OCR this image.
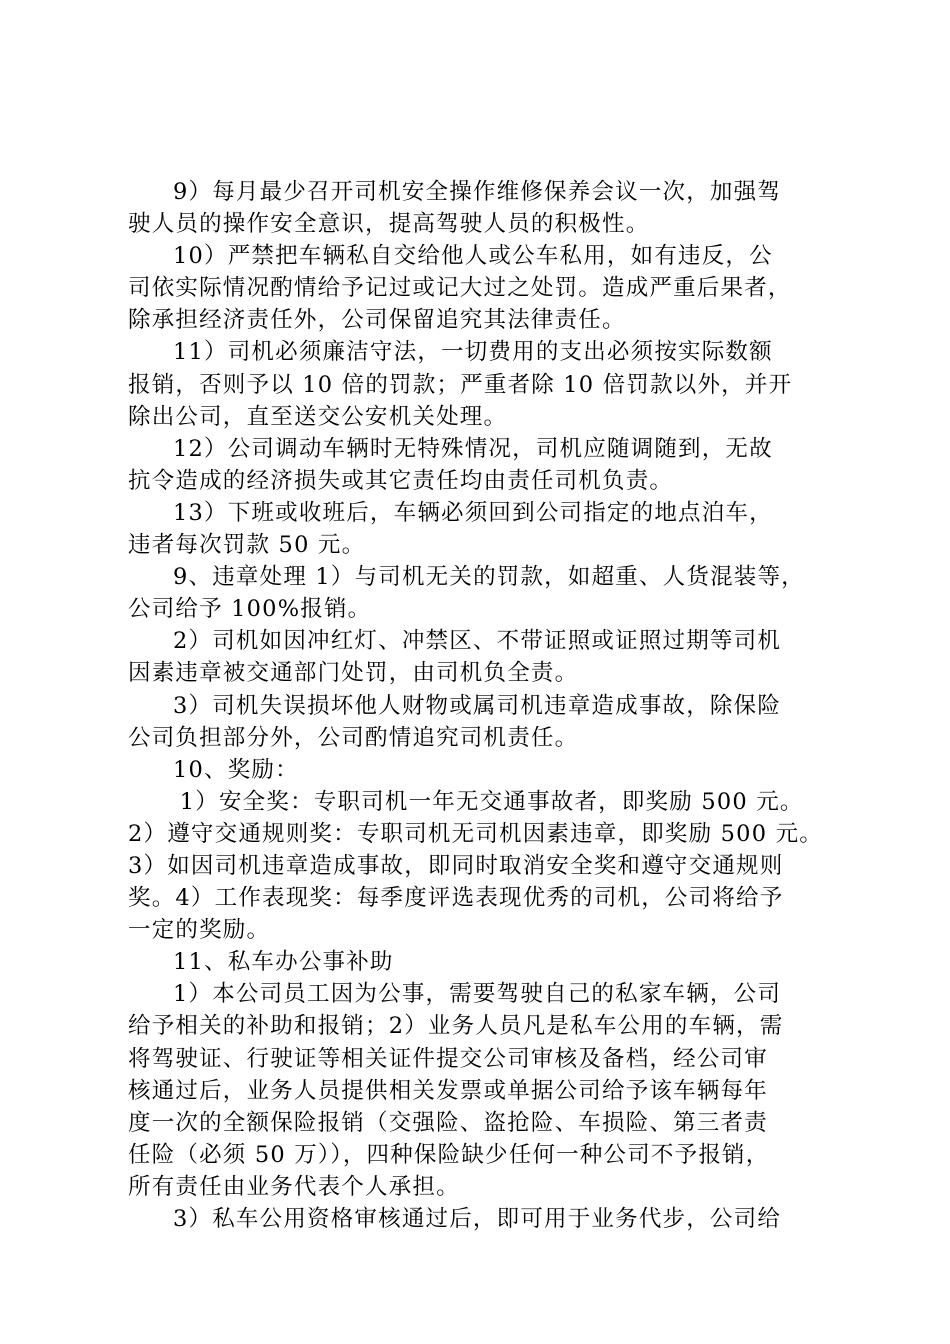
9）每月最少召开司机安全操作维修保养会议一次，加强驾
驶人员的操作安全意识，提高驾驶人员的积极性。
10）严禁把车辆私自交给他人或公车私用，如有违反，公
司依实际情况酌情给予记过或记大过之处罚。造成严重后果者，
除承担经济责任外，公司保留追究其法律责任。
11）司机必须廉洁守法，一切费用的支出必须按实际数额
报销，否则予以 10 倍的罚款；严重者除 10 倍罚款以外，并开
除出公司，直至送交公安机关处理。
12）公司调动车辆时无特殊情况，司机应随调随到，无故
抗令造成的经济损失或其它责任均由责任司机负责。
13）下班或收班后，车辆必须回到公司指定的地点泊车，
违者每次罚款 50 元。
9、违章处理 1）与司机无关的罚款，如超重、人货混装等，
公司给予 100%报销。
2）司机如因冲红灯、冲禁区、不带证照或证照过期等司机
因素违章被交通部门处罚，由司机负全责。
3）司机失误损坏他人财物或属司机违章造成事故，除保险
公司负担部分外，公司酌情追究司机责任。
10、奖励：
1）安全奖：专职司机一年无交通事故者，即奖励 500 元。
2）遵守交通规则奖：专职司机无司机因素违章，即奖励 500 元。
3）如因司机违章造成事故，即同时取消安全奖和遵守交通规则
奖。4）工作表现奖：每季度评选表现优秀的司机，公司将给予
一定的奖励。
11、私车办公事补助
1）本公司员工因为公事，需要驾驶自己的私家车辆，公司
给予相关的补助和报销；2）业务人员凡是私车公用的车辆，需
将驾驶证、行驶证等相关证件提交公司审核及备档，经公司审
核通过后，业务人员提供相关发票或单据公司给予该车辆每年
度一次的全额保险报销（交强险、盗抢险、车损险、第三者责
任险（必须 50 万）），四种保险缺少任何一种公司不予报销，
所有责任由业务代表个人承担。
3）私车公用资格审核通过后，即可用于业务代步，公司给
